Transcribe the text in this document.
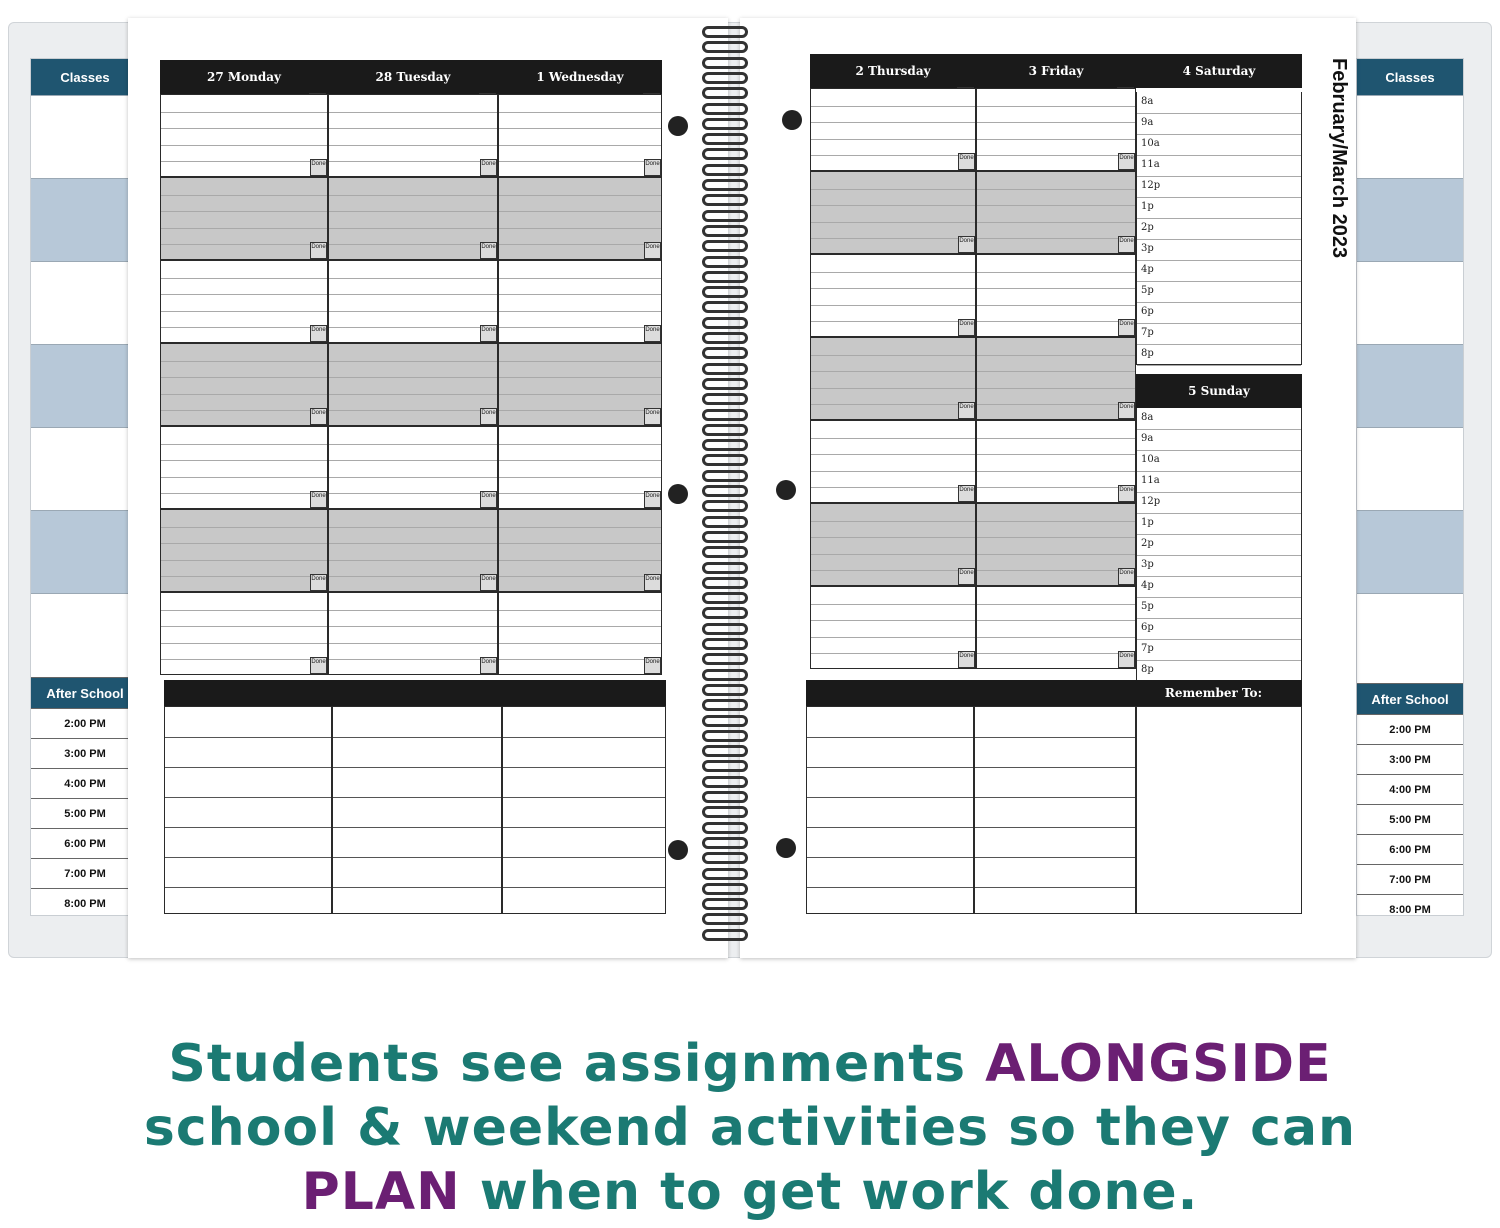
Classes
After School
2:00 PM
3:00 PM
4:00 PM
5:00 PM
6:00 PM
7:00 PM
8:00 PM
Classes
After School
2:00 PM
3:00 PM
4:00 PM
5:00 PM
6:00 PM
7:00 PM
8:00 PM
27 Monday
Done
Done
Done
Done
Done
Done
Done
28 Tuesday
Done
Done
Done
Done
Done
Done
Done
1 Wednesday
Done
Done
Done
Done
Done
Done
Done
2 Thursday
Done
Done
Done
Done
Done
Done
Done
3 Friday
Done
Done
Done
Done
Done
Done
Done
4 Saturday
8a
9a
10a
11a
12p
1p
2p
3p
4p
5p
6p
7p
8p
8a
9a
10a
11a
12p
1p
2p
3p
4p
5p
6p
7p
8p
5 Sunday
Remember To:
February/March 2023
Students see assignments ALONGSIDE
school & weekend activities so they can
PLAN when to get work done.
